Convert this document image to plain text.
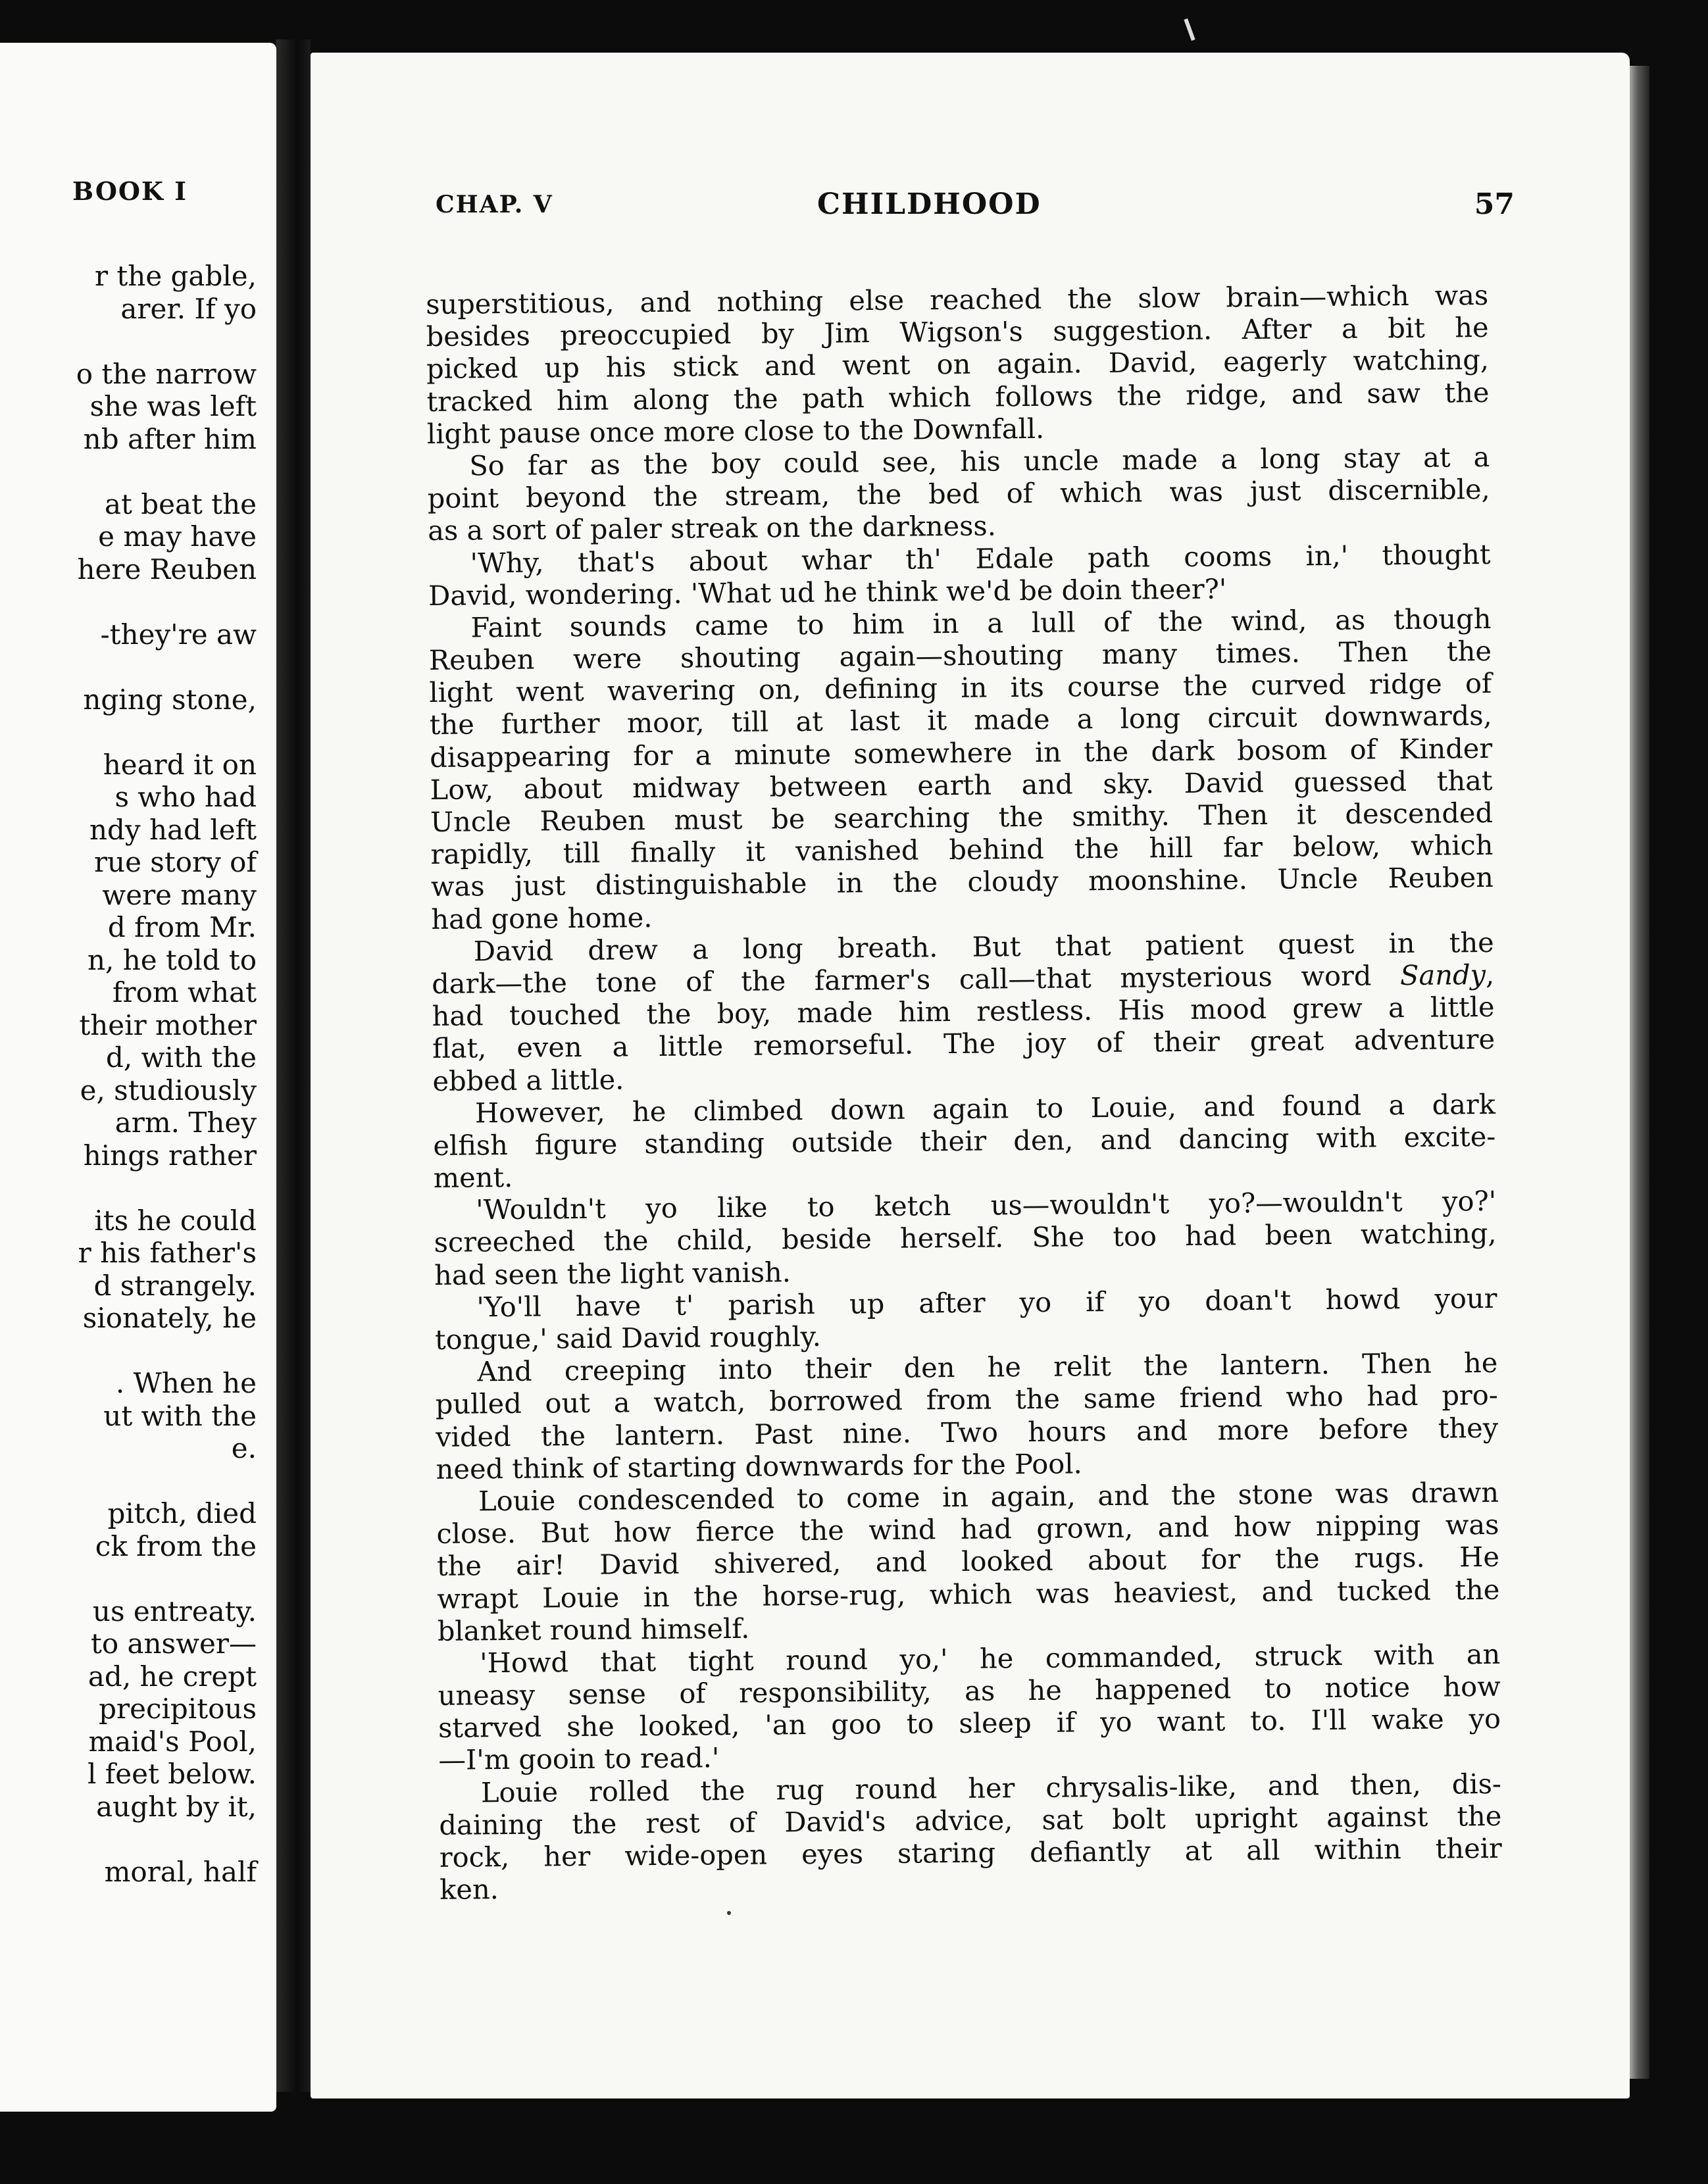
BOOK I
r the gable,
arer. If yo
o the narrow
she was left
nb after him
at beat the
e may have
here Reuben
-they're aw
nging stone,
heard it on
s who had
ndy had left
rue story of
were many
d from Mr.
n, he told to
from what
their mother
d, with the
e, studiously
arm. They
hings rather
its he could
r his father's
d strangely.
sionately, he
. When he
ut with the
e.
pitch, died
ck from the
us entreaty.
to answer—
ad, he crept
precipitous
maid's Pool,
l feet below.
aught by it,
moral, half
CHAP. V	CHILDHOOD	57
superstitious, and nothing else reached the slow brain—which was
besides preoccupied by Jim Wigson's suggestion. After a bit he
picked up his stick and went on again. David, eagerly watching,
tracked him along the path which follows the ridge, and saw the
light pause once more close to the Downfall.
So far as the boy could see, his uncle made a long stay at a
point beyond the stream, the bed of which was just discernible,
as a sort of paler streak on the darkness.
'Why, that's about whar th' Edale path cooms in,' thought
David, wondering. 'What ud he think we'd be doin theer?'
Faint sounds came to him in a lull of the wind, as though
Reuben were shouting again—shouting many times. Then the
light went wavering on, defining in its course the curved ridge of
the further moor, till at last it made a long circuit downwards,
disappearing for a minute somewhere in the dark bosom of Kinder
Low, about midway between earth and sky. David guessed that
Uncle Reuben must be searching the smithy. Then it descended
rapidly, till finally it vanished behind the hill far below, which
was just distinguishable in the cloudy moonshine. Uncle Reuben
had gone home.
David drew a long breath. But that patient quest in the
dark—the tone of the farmer's call—that mysterious word Sandy,
had touched the boy, made him restless. His mood grew a little
flat, even a little remorseful. The joy of their great adventure
ebbed a little.
However, he climbed down again to Louie, and found a dark
elfish figure standing outside their den, and dancing with excite-
ment.
'Wouldn't yo like to ketch us—wouldn't yo?—wouldn't yo?'
screeched the child, beside herself. She too had been watching,
had seen the light vanish.
'Yo'll have t' parish up after yo if yo doan't howd your
tongue,' said David roughly.
And creeping into their den he relit the lantern. Then he
pulled out a watch, borrowed from the same friend who had pro-
vided the lantern. Past nine. Two hours and more before they
need think of starting downwards for the Pool.
Louie condescended to come in again, and the stone was drawn
close. But how fierce the wind had grown, and how nipping was
the air! David shivered, and looked about for the rugs. He
wrapt Louie in the horse-rug, which was heaviest, and tucked the
blanket round himself.
'Howd that tight round yo,' he commanded, struck with an
uneasy sense of responsibility, as he happened to notice how
starved she looked, 'an goo to sleep if yo want to. I'll wake yo
—I'm gooin to read.'
Louie rolled the rug round her chrysalis-like, and then, dis-
daining the rest of David's advice, sat bolt upright against the
rock, her wide-open eyes staring defiantly at all within their
ken.
